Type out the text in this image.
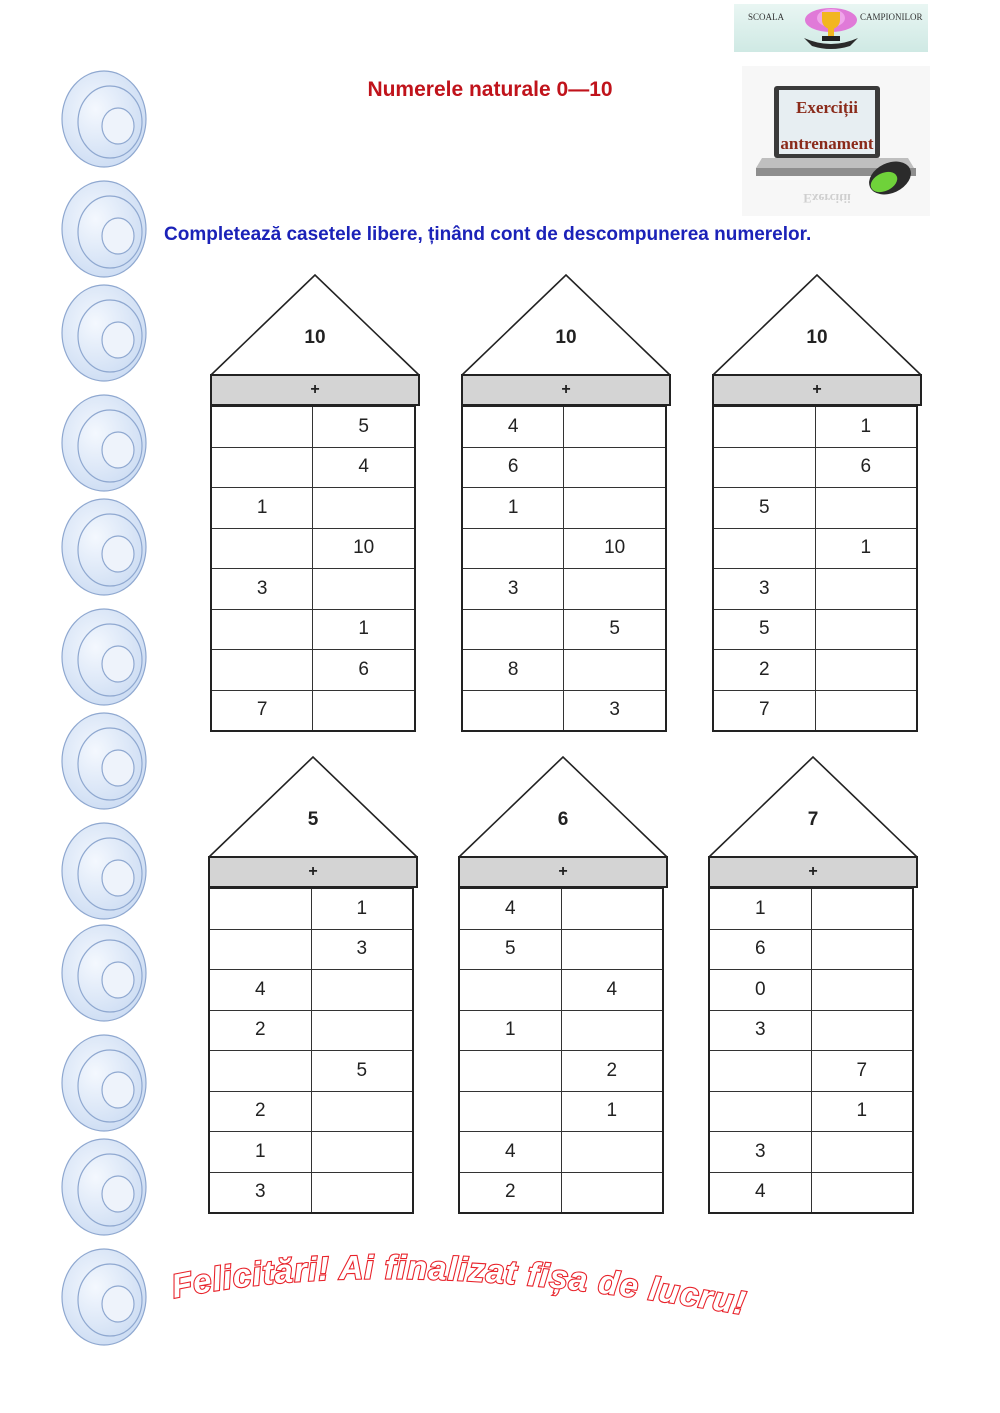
SCOALA	CAMPIONILOR
Exerciții
antrenament
Exercitii
Numerele naturale 0—10
Completează casetele libere, ținând cont de descompunerea numerelor.
10
+
	5
	4
1	
	10
3	
	1
	6
7	
10
+
4	
6	
1	
	10
3	
	5
8	
	3
10
+
	1
	6
5	
	1
3	
5	
2	
7	
5
+
	1
	3
4	
2	
	5
2	
1	
3	
6
+
4	
5	
	4
1	
	2
	1
4	
2	
7
+
1	
6	
0	
3	
	7
	1
3	
4	
Felicitări! Ai finalizat fișa de lucru!
